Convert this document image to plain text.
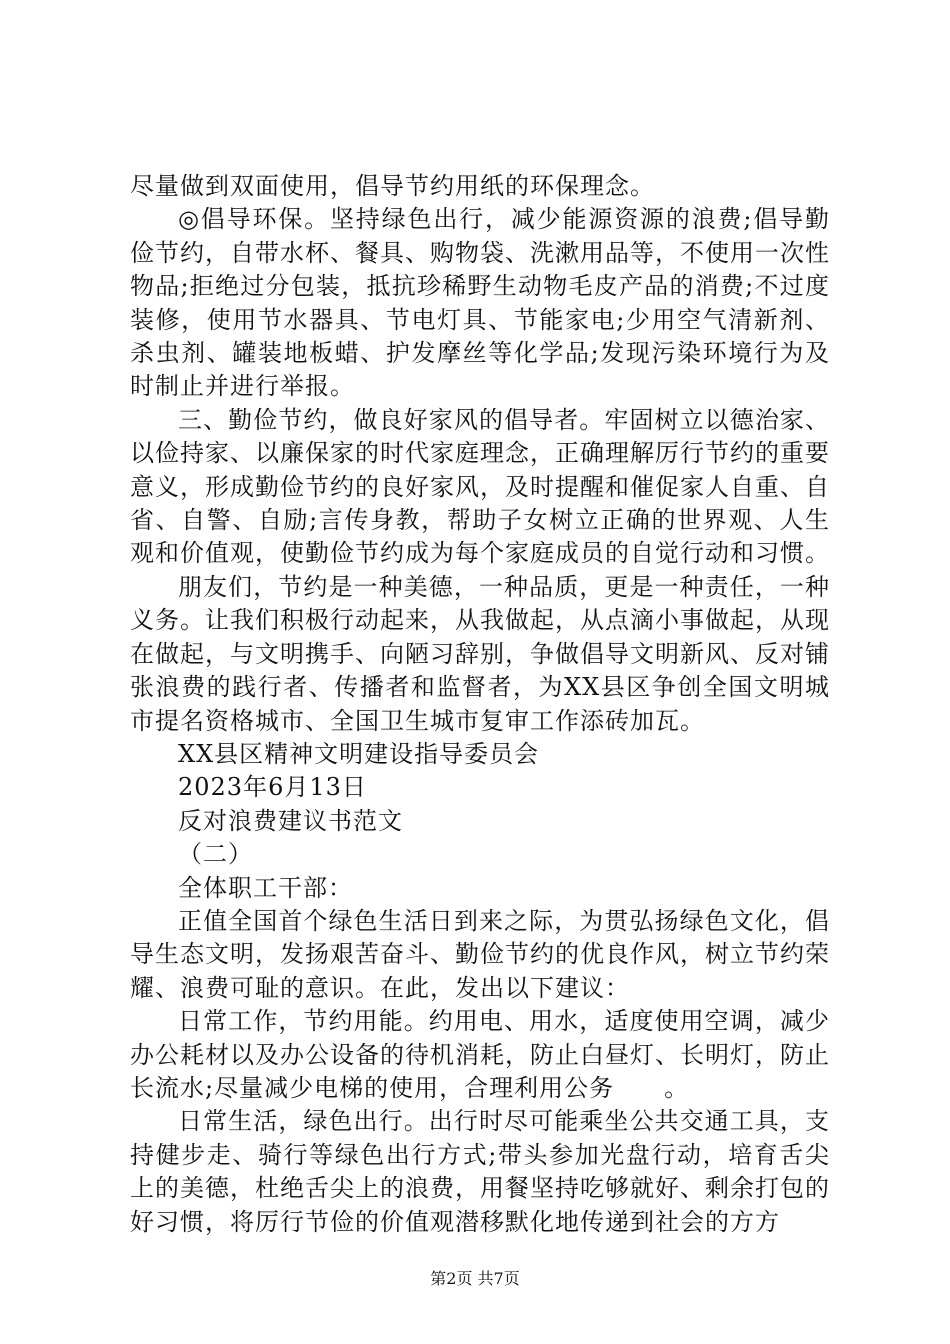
尽量做到双面使用，倡导节约用纸的环保理念。

◎倡导环保。坚持绿色出行，减少能源资源的浪费;倡导勤俭节约，自带水杯、餐具、购物袋、洗漱用品等，不使用一次性物品;拒绝过分包装，抵抗珍稀野生动物毛皮产品的消费;不过度装修，使用节水器具、节电灯具、节能家电;少用空气清新剂、杀虫剂、罐装地板蜡、护发摩丝等化学品;发现污染环境行为及时制止并进行举报。

三、勤俭节约，做良好家风的倡导者。牢固树立以德治家、以俭持家、以廉保家的时代家庭理念，正确理解厉行节约的重要意义，形成勤俭节约的良好家风，及时提醒和催促家人自重、自省、自警、自励;言传身教，帮助子女树立正确的世界观、人生观和价值观，使勤俭节约成为每个家庭成员的自觉行动和习惯。

朋友们，节约是一种美德，一种品质，更是一种责任，一种义务。让我们积极行动起来，从我做起，从点滴小事做起，从现在做起，与文明携手、向陋习辞别，争做倡导文明新风、反对铺张浪费的践行者、传播者和监督者，为XX县区争创全国文明城市提名资格城市、全国卫生城市复审工作添砖加瓦。

XX县区精神文明建设指导委员会

2023年6月13日

反对浪费建议书范文

（二）

全体职工干部：

正值全国首个绿色生活日到来之际，为贯弘扬绿色文化，倡导生态文明，发扬艰苦奋斗、勤俭节约的优良作风，树立节约荣耀、浪费可耻的意识。在此，发出以下建议：

日常工作，节约用能。约用电、用水，适度使用空调，减少办公耗材以及办公设备的待机消耗，防止白昼灯、长明灯，防止长流水;尽量减少电梯的使用，合理利用公务　　。

日常生活，绿色出行。出行时尽可能乘坐公共交通工具，支持健步走、骑行等绿色出行方式;带头参加光盘行动，培育舌尖上的美德，杜绝舌尖上的浪费，用餐坚持吃够就好、剩余打包的好习惯，将厉行节俭的价值观潜移默化地传递到社会的方方

第2页 共7页
